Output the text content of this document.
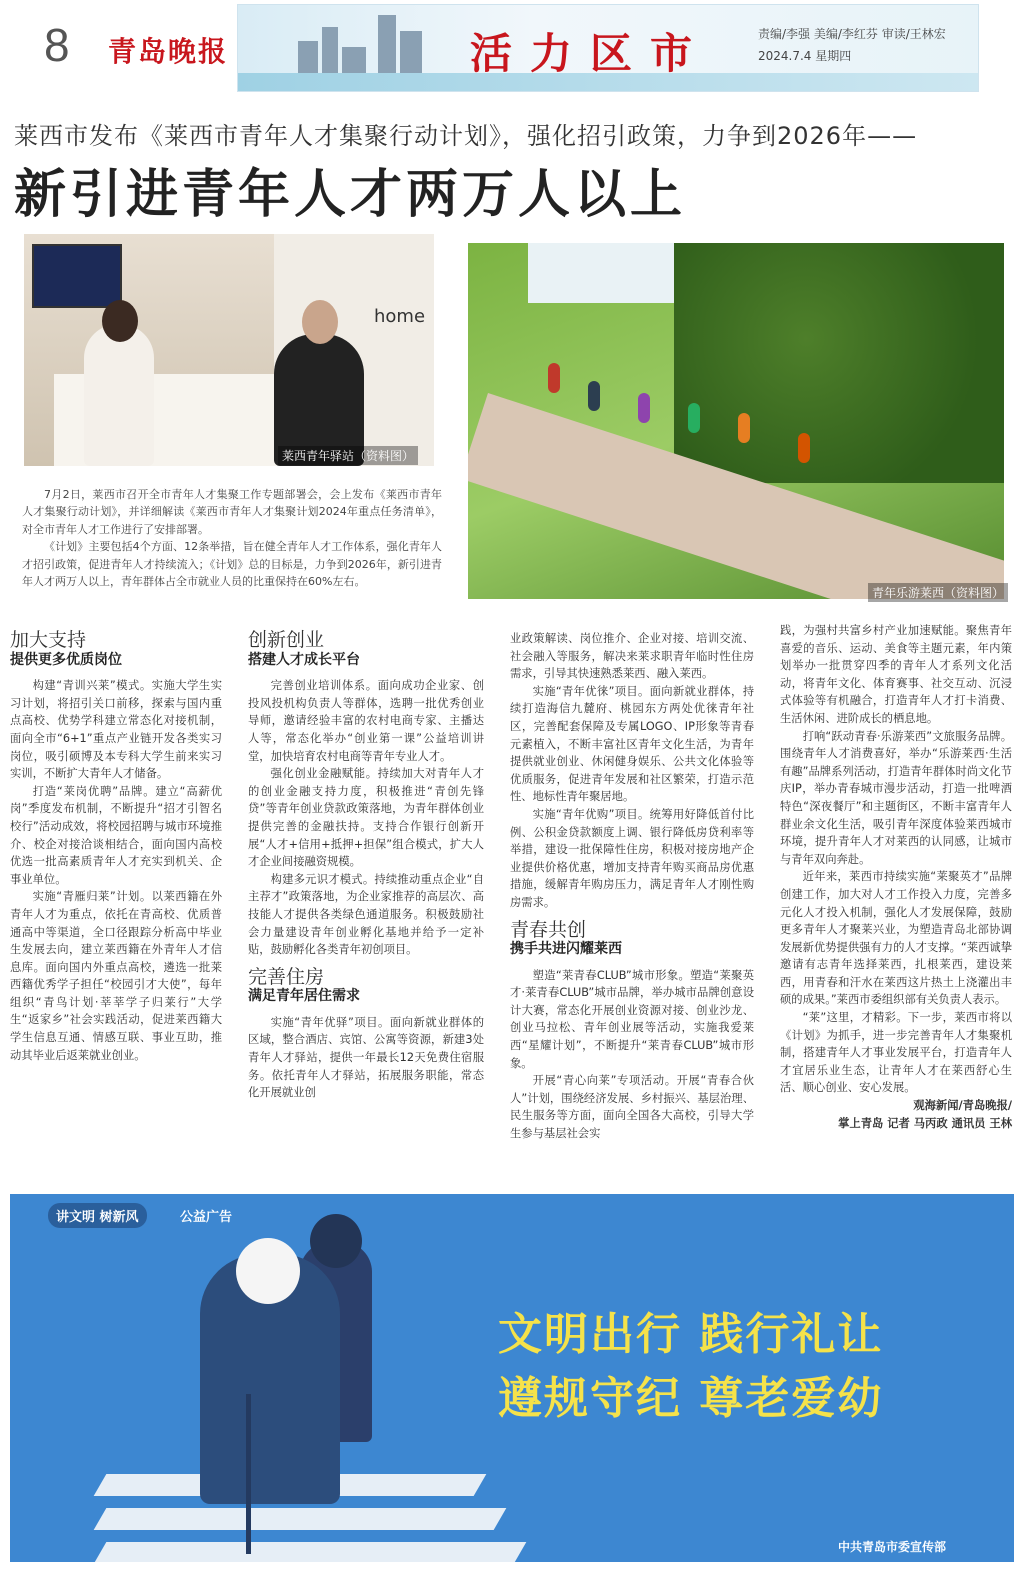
8 青岛晚报	活力区市	责编/李强 美编/李红芬 审读/王林宏
2024.7.4 星期四
莱西市发布《莱西市青年人才集聚行动计划》，强化招引政策，力争到2026年——
新引进青年人才两万人以上
home
莱西青年驿站（资料图）
青年乐游莱西（资料图）

7月2日，莱西市召开全市青年人才集聚工作专题部署会，会上发布《莱西市青年人才集聚行动计划》，并详细解读《莱西市青年人才集聚计划2024年重点任务清单》，对全市青年人才工作进行了安排部署。

《计划》主要包括4个方面、12条举措，旨在健全青年人才工作体系，强化青年人才招引政策，促进青年人才持续流入；《计划》总的目标是，力争到2026年，新引进青年人才两万人以上，青年群体占全市就业人员的比重保持在60%左右。

加大支持
提供更多优质岗位

构建“青训兴莱”模式。实施大学生实习计划，将招引关口前移，探索与国内重点高校、优势学科建立常态化对接机制，面向全市“6+1”重点产业链开发各类实习岗位，吸引硕博及本专科大学生前来实习实训，不断扩大青年人才储备。

打造“莱岗优聘”品牌。建立“高薪优岗”季度发布机制，不断提升“招才引智名校行”活动成效，将校园招聘与城市环境推介、校企对接洽谈相结合，面向国内高校优选一批高素质青年人才充实到机关、企事业单位。

实施“青雁归莱”计划。以莱西籍在外青年人才为重点，依托在青高校、优质普通高中等渠道，全口径跟踪分析高中毕业生发展去向，建立莱西籍在外青年人才信息库。面向国内外重点高校，遴选一批莱西籍优秀学子担任“校园引才大使”，每年组织“青鸟计划·莘莘学子归莱行”大学生“返家乡”社会实践活动，促进莱西籍大学生信息互通、情感互联、事业互助，推动其毕业后返莱就业创业。

创新创业
搭建人才成长平台

完善创业培训体系。面向成功企业家、创投风投机构负责人等群体，选聘一批优秀创业导师，邀请经验丰富的农村电商专家、主播达人等，常态化举办“创业第一课”公益培训讲堂，加快培育农村电商等青年专业人才。

强化创业金融赋能。持续加大对青年人才的创业金融支持力度，积极推进“青创先锋贷”等青年创业贷款政策落地，为青年群体创业提供完善的金融扶持。支持合作银行创新开展“人才+信用+抵押+担保”组合模式，扩大人才企业间接融资规模。

构建多元识才模式。持续推动重点企业“自主荐才”政策落地，为企业家推荐的高层次、高技能人才提供各类绿色通道服务。积极鼓励社会力量建设青年创业孵化基地并给予一定补贴，鼓励孵化各类青年初创项目。

完善住房
满足青年居住需求

实施“青年优驿”项目。面向新就业群体的区域，整合酒店、宾馆、公寓等资源，新建3处青年人才驿站，提供一年最长12天免费住宿服务。依托青年人才驿站，拓展服务职能，常态化开展就业创

业政策解读、岗位推介、企业对接、培训交流、社会融入等服务，解决来莱求职青年临时性住房需求，引导其快速熟悉莱西、融入莱西。

实施“青年优徕”项目。面向新就业群体，持续打造海信九麓府、桃园东方两处优徕青年社区，完善配套保障及专属LOGO、IP形象等青春元素植入，不断丰富社区青年文化生活，为青年提供就业创业、休闲健身娱乐、公共文化体验等优质服务，促进青年发展和社区繁荣，打造示范性、地标性青年聚居地。

实施“青年优购”项目。统筹用好降低首付比例、公积金贷款额度上调、银行降低房贷利率等举措，建设一批保障性住房，积极对接房地产企业提供价格优惠，增加支持青年购买商品房优惠措施，缓解青年购房压力，满足青年人才刚性购房需求。

青春共创
携手共进闪耀莱西

塑造“莱青春CLUB”城市形象。塑造“莱聚英才·莱青春CLUB”城市品牌，举办城市品牌创意设计大赛，常态化开展创业资源对接、创业沙龙、创业马拉松、青年创业展等活动，实施我爱莱西“星耀计划”，不断提升“莱青春CLUB”城市形象。

开展“青心向莱”专项活动。开展“青春合伙人”计划，围绕经济发展、乡村振兴、基层治理、民生服务等方面，面向全国各大高校，引导大学生参与基层社会实

践，为强村共富乡村产业加速赋能。聚焦青年喜爱的音乐、运动、美食等主题元素，年内策划举办一批贯穿四季的青年人才系列文化活动，将青年文化、体育赛事、社交互动、沉浸式体验等有机融合，打造青年人才打卡消费、生活休闲、进阶成长的栖息地。

打响“跃动青春·乐游莱西”文旅服务品牌。围绕青年人才消费喜好，举办“乐游莱西·生活有趣”品牌系列活动，打造青年群体时尚文化节庆IP，举办青春城市漫步活动，打造一批啤酒特色“深夜餐厅”和主题街区，不断丰富青年人群业余文化生活，吸引青年深度体验莱西城市环境，提升青年人才对莱西的认同感，让城市与青年双向奔赴。

近年来，莱西市持续实施“莱聚英才”品牌创建工作，加大对人才工作投入力度，完善多元化人才投入机制，强化人才发展保障，鼓励更多青年人才聚莱兴业，为塑造青岛北部协调发展新优势提供强有力的人才支撑。“莱西诚挚邀请有志青年选择莱西，扎根莱西，建设莱西，用青春和汗水在莱西这片热土上浇灌出丰硕的成果。”莱西市委组织部有关负责人表示。

“莱”这里，才精彩。下一步，莱西市将以《计划》为抓手，进一步完善青年人才集聚机制，搭建青年人才事业发展平台，打造青年人才宜居乐业生态，让青年人才在莱西舒心生活、顺心创业、安心发展。

观海新闻/青岛晚报/
掌上青岛 记者 马丙政 通讯员 王林
讲文明 树新风	公益广告
文明出行 践行礼让
遵规守纪 尊老爱幼
中共青岛市委宣传部
